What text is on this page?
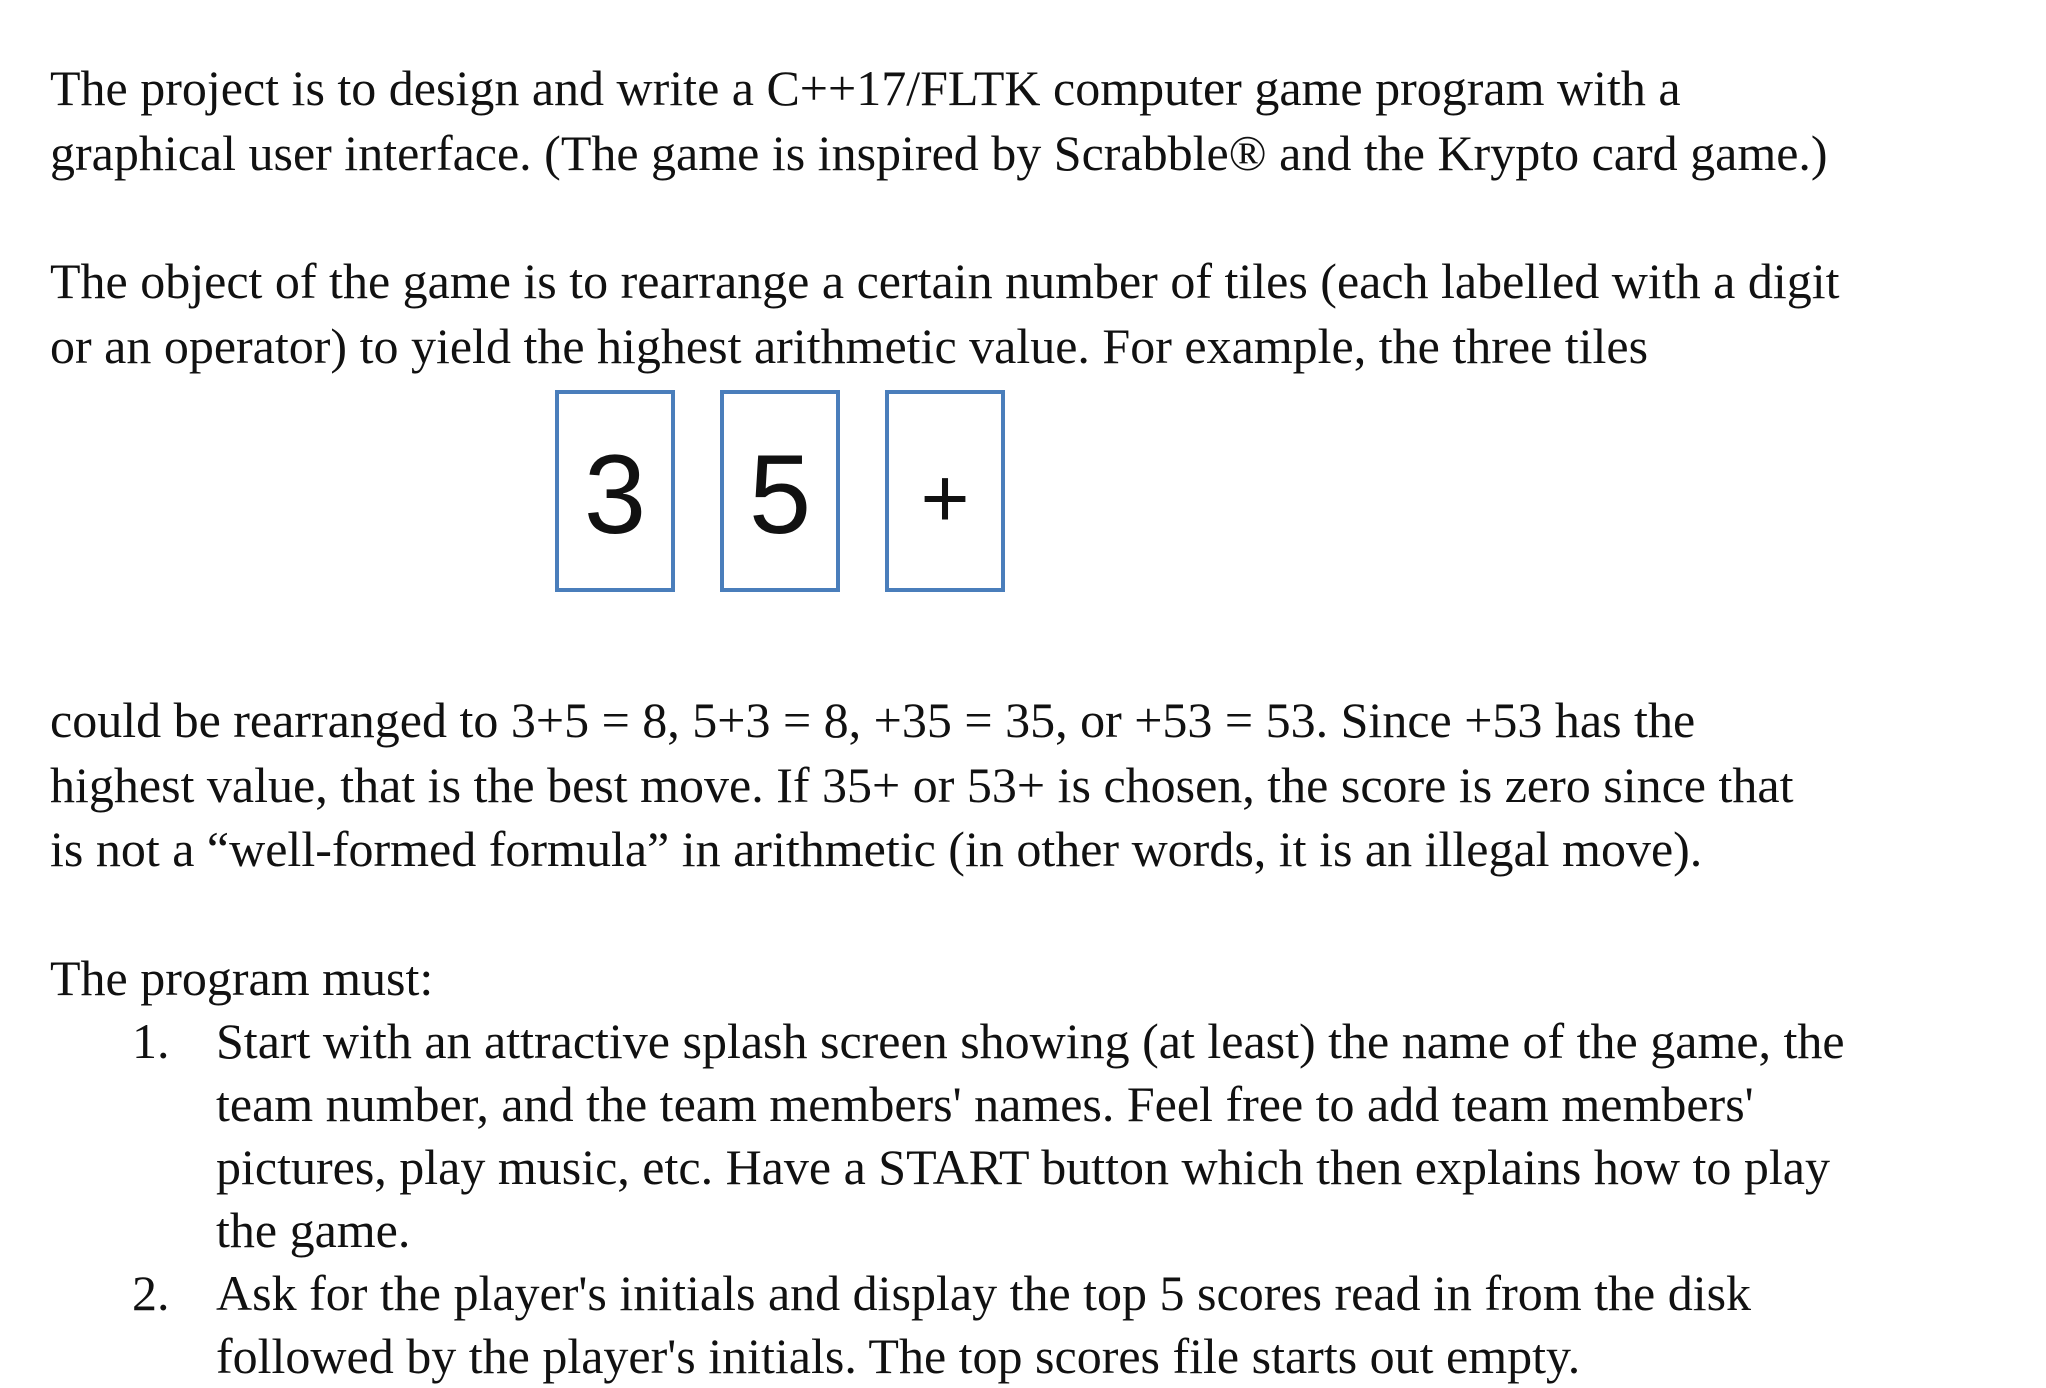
The project is to design and write a C++17/FLTK computer game program with a
graphical user interface. (The game is inspired by Scrabble® and the Krypto card game.)

The object of the game is to rearrange a certain number of tiles (each labelled with a digit
or an operator) to yield the highest arithmetic value. For example, the three tiles

3 5	+

could be rearranged to 3+5 = 8, 5+3 = 8, +35 = 35, or +53 = 53. Since +53 has the
highest value, that is the best move. If 35+ or 53+ is chosen, the score is zero since that
is not a “well-formed formula” in arithmetic (in other words, it is an illegal move).

The program must:

1. Start with an attractive splash screen showing (at least) the name of the game, the
team number, and the team members' names. Feel free to add team members'
pictures, play music, etc. Have a START button which then explains how to play
the game.
2. Ask for the player's initials and display the top 5 scores read in from the disk
followed by the player's initials. The top scores file starts out empty.
